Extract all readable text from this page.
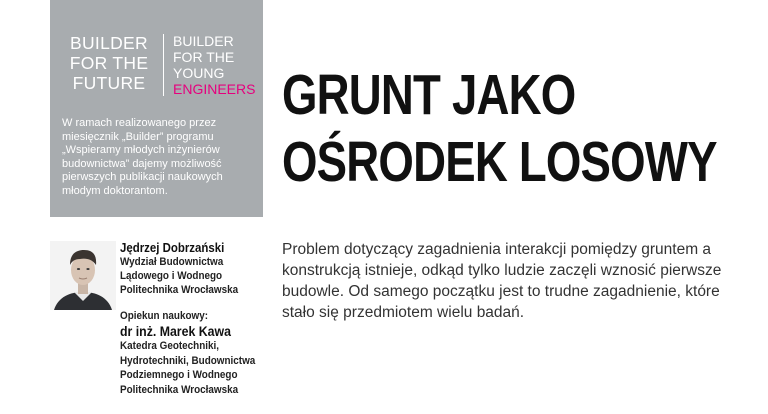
BUILDER
FOR THE
FUTURE
BUILDER
FOR THE
YOUNG
ENGINEERS
W ramach realizowanego przez miesięcznik „Builder” programu „Wspieramy młodych inżynierów budownictwa” dajemy możliwość pierwszych publikacji naukowych młodym doktorantom.
GRUNT JAKO
OŚRODEK LOSOWY
Jędrzej Dobrzański
Wydział Budownictwa
Lądowego i Wodnego
Politechnika Wrocławska
Opiekun naukowy:
dr inż. Marek Kawa
Katedra Geotechniki,
Hydrotechniki, Budownictwa
Podziemnego i Wodnego
Politechnika Wrocławska
Problem dotyczący zagadnienia interakcji pomiędzy gruntem a konstrukcją istnieje, odkąd tylko ludzie zaczęli wznosić pierwsze budowle. Od samego początku jest to trudne zagadnienie, które stało się przedmiotem wielu badań.
